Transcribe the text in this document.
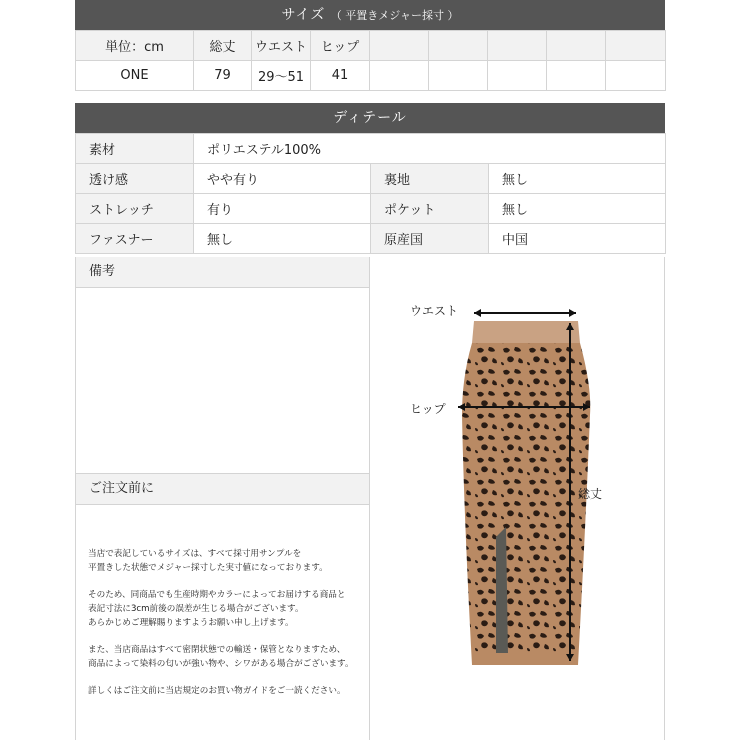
サイズ （ 平置きメジャー採寸 ）
単位：cm	総丈	ウエスト	ヒップ					
ONE	79	29〜51	41					
ディテール
素材	ポリエステル100%		
透け感	やや有り	裏地	無し
ストレッチ	有り	ポケット	無し
ファスナー	無し	原産国	中国
備考
ご注文前に

当店で表記しているサイズは、すべて採寸用サンプルを
平置きした状態でメジャー採寸した実寸値になっております。

そのため、同商品でも生産時期やカラーによってお届けする商品と
表記寸法に3cm前後の誤差が生じる場合がございます。
あらかじめご理解賜りますようお願い申し上げます。

また、当店商品はすべて密閉状態での輸送・保管となりますため、
商品によって染料の匂いが強い物や、シワがある場合がございます。

詳しくはご注文前に当店規定のお買い物ガイドをご一読ください。

ウエスト
ヒップ
総丈
